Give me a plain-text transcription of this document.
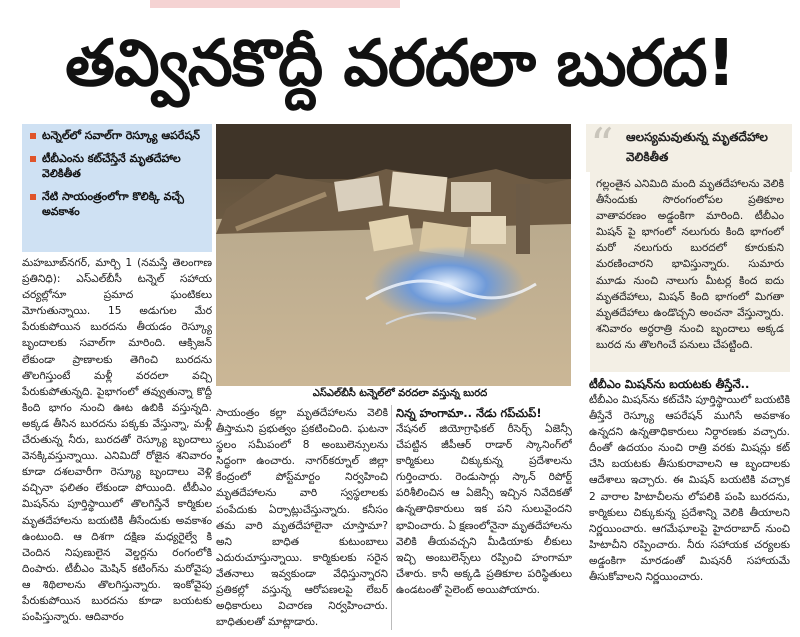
తవ్వినకొద్దీ వరదలా బురద!
టన్నెల్‌లో సవాల్‌గా రెస్క్యూ ఆపరేషన్
టీబీఎంను కట్‌చేస్తేనే మృతదేహాల వెలికితీత
నేటి సాయంత్రంలోగా కొలిక్కి వచ్చే అవకాశం

మహబూబ్‌నగర్, మార్చి 1 (నమస్తే తెలంగాణ ప్రతినిధి): ఎస్‌ఎల్‌బీసీ టన్నెల్ సహాయ చర్యల్లోనూ ప్రమాద ఘంటికలు మోగుతున్నాయి. 15 అడుగుల మేర పేరుకుపోయిన బురదను తీయడం రెస్క్యూ బృందాలకు సవాల్‌గా మారింది. ఆక్సిజన్ లేకుండా ప్రాణాలకు తెగించి బురదను తొలగిస్తుంటే మళ్లీ వరదలా వచ్చి పేరుకుపోతున్నది. పైభాగంలో తవ్వుతున్నా కొద్దీ కింది భాగం నుంచి ఊట ఉబికి వస్తున్నది. అక్కడ తీసిన బురదను పక్కకు వేస్తున్నా, మళ్లీ చేరుతున్న నీరు, బురదతో రెస్క్యూ బృందాలు వెనక్కివస్తున్నాయి. ఎనిమిదో రోజైన శనివారం కూడా దశలవారీగా రెస్క్యూ బృందాలు వెళ్లి వచ్చినా ఫలితం లేకుండా పోయింది. టీబీఎం మిషన్‌ను పూర్తిస్థాయిలో తొలగిస్తేనే కార్మికుల మృతదేహాలను బయటికి తీసేందుకు అవకాశం ఉంటుంది. ఆ దిశగా దక్షిణ మధ్యరైల్వే కి చెందిన నిపుణులైన వెల్డర్లను రంగంలోకి దింపారు. టీబీఎం మెషిన్ కటింగ్‌ను మరోవైపు ఆ శిథిలాలను తొలగిస్తున్నారు. ఇంకోవైపు పేరుకుపోయిన బురదను కూడా బయటకు పంపిస్తున్నారు. ఆదివారం

ఎస్‌ఎల్‌బీసీ టన్నెల్‌లో వరదలా వస్తున్న బురద

సాయంత్రం కల్లా మృతదేహాలను వెలికి తీస్తామని ప్రభుత్వం ప్రకటించింది. ఘటనా స్థలం సమీపంలో 8 అంబులెన్సులను సిద్ధంగా ఉంచారు. నాగర్‌కర్నూల్ జిల్లా కేంద్రంలో పోస్ట్‌మార్టం నిర్వహించి మృతదేహాలను వారి స్వస్థలాలకు పంపేదుకు ఏర్పాట్లుచేస్తున్నారు. కనీసం తమ వారి మృతదేహాలైనా చూస్తామా? అని బాధిత కుటుంబాలు ఎదురుచూస్తున్నాయి. కార్మికులకు సరైన వేతనాలు ఇవ్వకుండా వేధిస్తున్నారని ప్రతికల్లో వస్తున్న ఆరోపణలపై లేబర్ అధికారులు విచారణ నిర్వహించారు. బాధితులతో మాట్లాడారు.

నిన్న హంగామా.. నేడు గప్‌చుప్!

నేషనల్ జియోగ్రాఫికల్ రీసెర్చ్ ఏజెన్సీ చేపట్టిన జీపీఆర్ రాడార్ స్కానింగ్‌లో కార్మికులు చిక్కుకున్న ప్రదేశాలను గుర్తించారు. రెండుసార్లు స్కాన్ రిపోర్ట్ పరిశీలించిన ఆ ఏజెన్సీ ఇచ్చిన నివేదికతో ఉన్నతాధికారులు ఇక పని సులువైందని భావించారు. ఏ క్షణంలోనైనా మృతదేహాలను వెలికి తీయవచ్చని మీడియాకు లీకులు ఇచ్చి అంబులెన్స్‌లు రప్పించి హంగామా చేశారు. కానీ అక్కడి ప్రతికూల పరిస్థితులు ఉండటంతో సైలెంట్ అయిపోయారు.

“ ఆలస్యమవుతున్న మృతదేహాల వెలికితీత

గల్లంతైన ఎనిమిది మంది మృతదేహాలను వెలికి తీసేందుకు సొరంగంలోపల ప్రతికూల వాతావరణం అడ్డంకిగా మారింది. టీబీఎం మిషన్ పై భాగంలో నలుగురు కింది భాగంలో మరో నలుగురు బురదలో కూరుకుని మరణించారని భావిస్తున్నారు. సుమారు మూడు నుంచి నాలుగు మీటర్ల కింద ఐదు మృతదేహాలు, మిషన్ కింది భాగంలో మిగతా మృతదేహాలు ఉండొచ్చని అంచనా వేస్తున్నారు. శనివారం అర్ధరాత్రి నుంచి బృందాలు అక్కడ బురద ను తొలగించే పనులు చేపట్టింది.

టీబీఎం మిషన్‌ను బయటకు తీస్తేనే..

టీబీఎం మిషన్‌ను కట్‌చేసి పూర్తిస్థాయిలో బయటికి తీస్తేనే రెస్క్యూ ఆపరేషన్ ముగిసే అవకాశం ఉన్నదని ఉన్నతాధికారులు నిర్ధారణకు వచ్చారు. దీంతో ఉదయం నుంచి రాత్రి వరకు మిషన్లు కట్ చేసి బయటకు తీసుకురావాలని ఆ బృందాలకు ఆదేశాలు ఇచ్చారు. ఈ మిషన్ బయటికి వచ్చాక 2 వారాల హిటాచీలను లోపలికి పంపి బురదను, కార్మికులు చిక్కుకున్న ప్రదేశాన్ని వెలికి తీయాలని నిర్ణయించారు. ఆగమేఘాలపై హైదరాబాద్ నుంచి హిటాచీని రప్పించారు. నీరు సహాయక చర్యలకు అడ్డంకిగా మారడంతో మిషనరీ సహాయమే తీసుకోవాలని నిర్ణయించారు.
